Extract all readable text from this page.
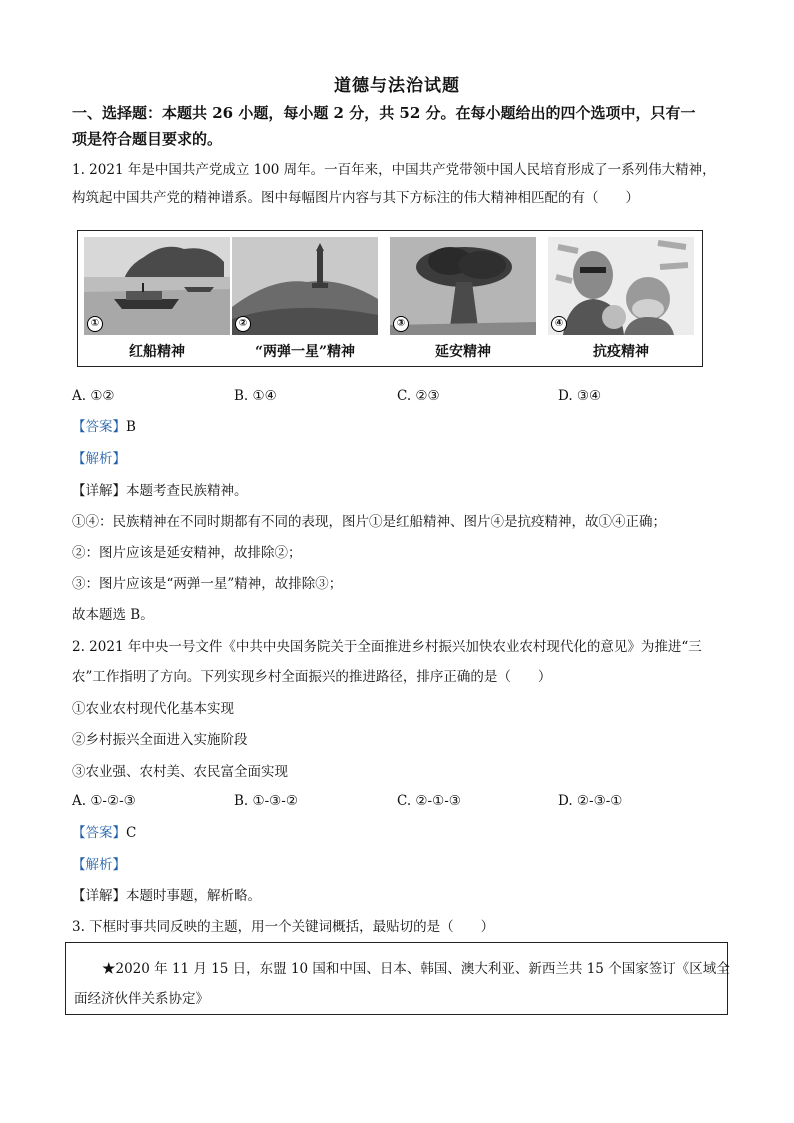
道德与法治试题
一、选择题：本题共 26 小题，每小题 2 分，共 52 分。在每小题给出的四个选项中，只有一
项是符合题目要求的。
1. 2021 年是中国共产党成立 100 周年。一百年来，中国共产党带领中国人民培育形成了一系列伟大精神，
构筑起中国共产党的精神谱系。图中每幅图片内容与其下方标注的伟大精神相匹配的有（　　）
①
红船精神
②
“两弹一星”精神
③
延安精神
④
抗疫精神
A. ①②	B. ①④	C. ②③	D. ③④
【答案】B
【解析】
【详解】本题考查民族精神。
①④：民族精神在不同时期都有不同的表现，图片①是红船精神、图片④是抗疫精神，故①④正确；
②：图片应该是延安精神，故排除②；
③：图片应该是“两弹一星”精神，故排除③；
故本题选 B。
2. 2021 年中央一号文件《中共中央国务院关于全面推进乡村振兴加快农业农村现代化的意见》为推进“三
农”工作指明了方向。下列实现乡村全面振兴的推进路径，排序正确的是（　　）
①农业农村现代化基本实现
②乡村振兴全面进入实施阶段
③农业强、农村美、农民富全面实现
A. ①-②-③	B. ①-③-②	C. ②-①-③	D. ②-③-①
【答案】C
【解析】
【详解】本题时事题，解析略。
3. 下框时事共同反映的主题，用一个关键词概括，最贴切的是（　　）
★2020 年 11 月 15 日，东盟 10 国和中国、日本、韩国、澳大利亚、新西兰共 15 个国家签订《区域全
面经济伙伴关系协定》
